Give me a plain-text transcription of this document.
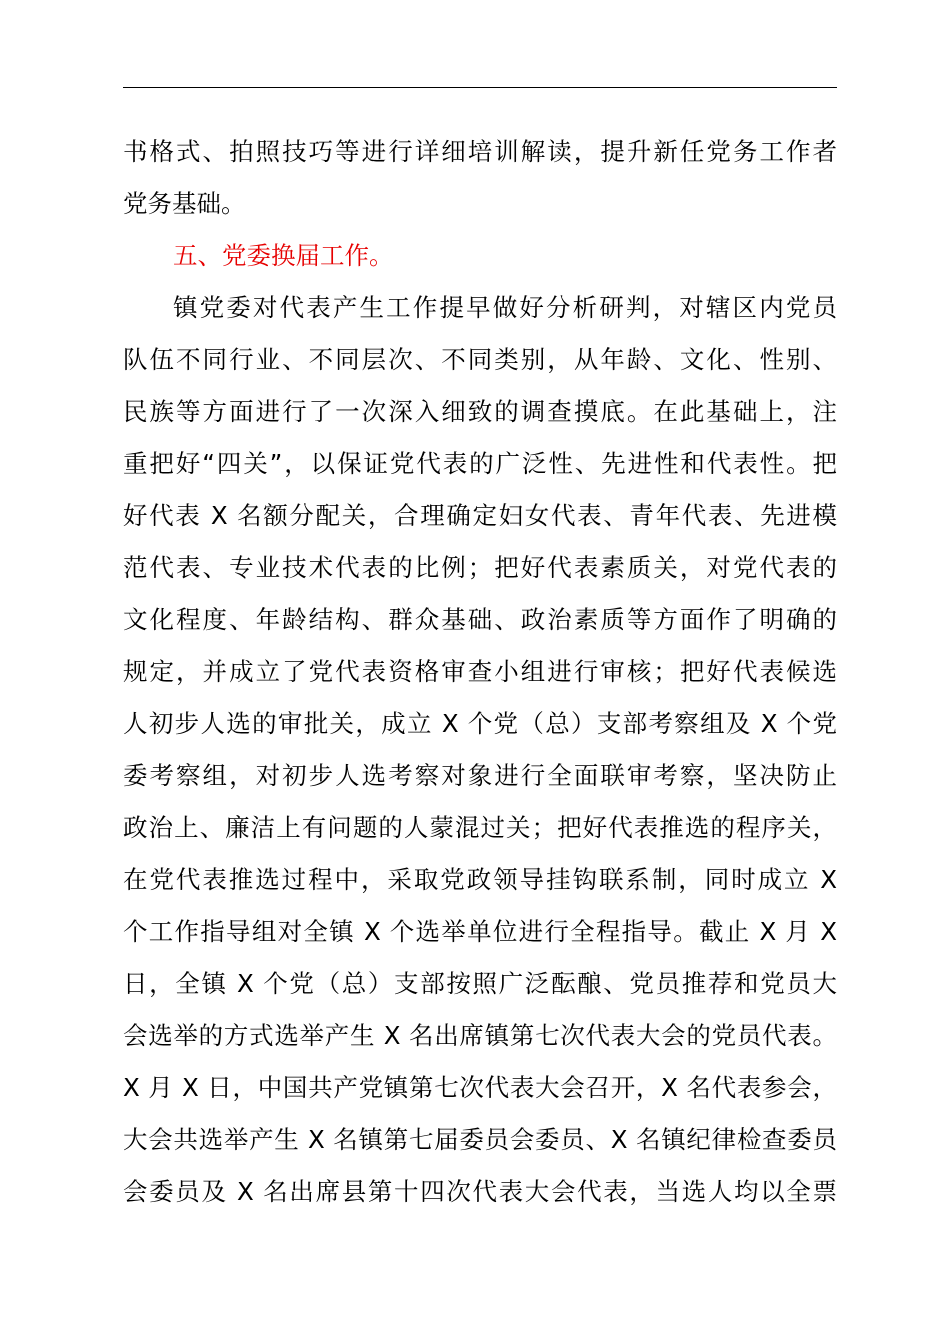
书格式、拍照技巧等进行详细培训解读，提升新任党务工作者
党务基础。
五、党委换届工作。
镇党委对代表产生工作提早做好分析研判，对辖区内党员
队伍不同行业、不同层次、不同类别，从年龄、文化、性别、
民族等方面进行了一次深入细致的调查摸底。在此基础上，注
重把好“四关”，以保证党代表的广泛性、先进性和代表性。把
好代表 X 名额分配关，合理确定妇女代表、青年代表、先进模
范代表、专业技术代表的比例；把好代表素质关，对党代表的
文化程度、年龄结构、群众基础、政治素质等方面作了明确的
规定，并成立了党代表资格审查小组进行审核；把好代表候选
人初步人选的审批关，成立 X 个党（总）支部考察组及 X 个党
委考察组，对初步人选考察对象进行全面联审考察，坚决防止
政治上、廉洁上有问题的人蒙混过关；把好代表推选的程序关，
在党代表推选过程中，采取党政领导挂钩联系制，同时成立 X
个工作指导组对全镇 X 个选举单位进行全程指导。截止 X 月 X
日，全镇 X 个党（总）支部按照广泛酝酿、党员推荐和党员大
会选举的方式选举产生 X 名出席镇第七次代表大会的党员代表。
X 月 X 日，中国共产党镇第七次代表大会召开，X 名代表参会，
大会共选举产生 X 名镇第七届委员会委员、X 名镇纪律检查委员
会委员及 X 名出席县第十四次代表大会代表，当选人均以全票
